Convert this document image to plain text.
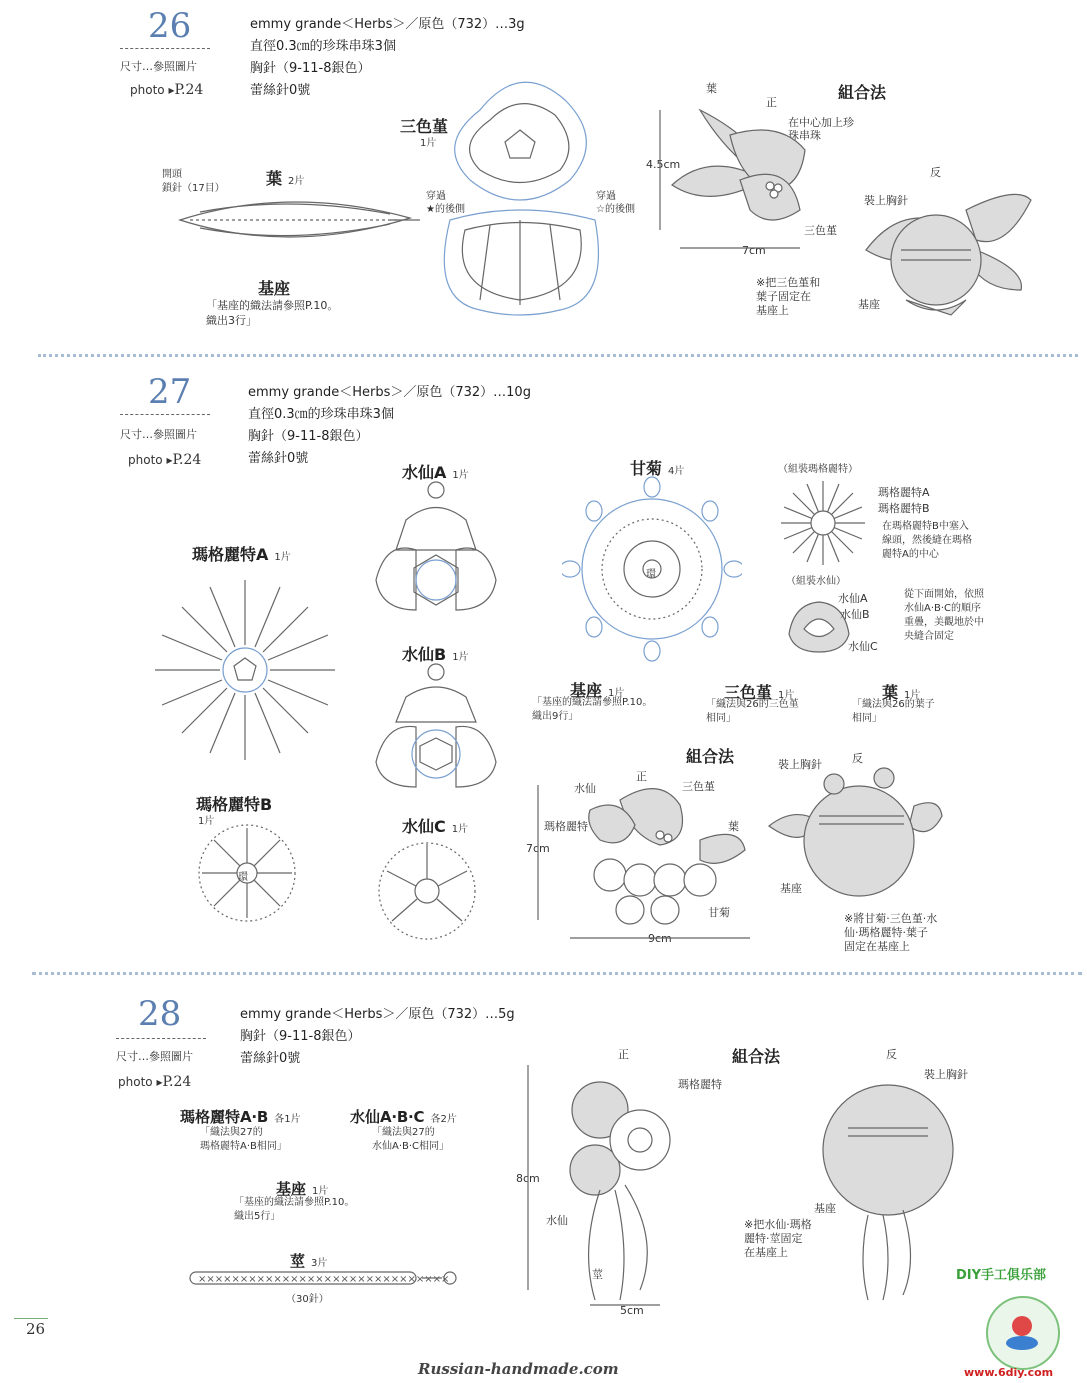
26
尺寸…參照圖片
photo ▸P.24
emmy grande＜Herbs＞／原色（732）…3g
直徑0.3㎝的珍珠串珠3個
胸針（9-11-8銀色）
蕾絲針0號
三色堇
1片
開頭
鎖針（17目）
葉 2片
基座
「基座的織法請參照P.10。
織出3行」
穿過
★的後側
穿過
☆的後側
組合法
葉
正
在中心加上珍
珠串珠
4.5cm
7cm
三色堇
反
裝上胸針
基座
※把三色堇和
葉子固定在
基座上
27
尺寸…參照圖片
photo ▸P.24
emmy grande＜Herbs＞／原色（732）…10g
直徑0.3㎝的珍珠串珠3個
胸針（9-11-8銀色）
蕾絲針0號
瑪格麗特A 1片
瑪格麗特B
1片
環
水仙A 1片
水仙B 1片
水仙C 1片
甘菊 4片
環
（組裝瑪格麗特）
瑪格麗特A
瑪格麗特B
在瑪格麗特B中塞入
線頭，然後縫在瑪格
麗特A的中心
（組裝水仙）
水仙A
水仙B
水仙C
從下面開始，依照
水仙A‧B‧C的順序
重疊，美觀地於中
央縫合固定
基座 1片
「基座的織法請參照P.10。
織出9行」
三色堇 1片
「織法與26的三色堇
相同」
葉 1片
「織法與26的葉子
相同」
組合法
正
水仙	三色堇
瑪格麗特	葉
7cm
甘菊
9cm
反
裝上胸針
基座
※將甘菊‧三色堇‧水
仙‧瑪格麗特‧葉子
固定在基座上
28
尺寸…參照圖片
photo ▸P.24
emmy grande＜Herbs＞／原色（732）…5g
胸針（9-11-8銀色）
蕾絲針0號
瑪格麗特A‧B 各1片
「織法與27的
瑪格麗特A‧B相同」
水仙A‧B‧C 各2片
「織法與27的
水仙A‧B‧C相同」
基座 1片
「基座的織法請參照P.10。
織出5行」
莖 3片
××××××××××××××××××××××××××××××
（30針）
組合法
正	反
瑪格麗特
8cm
水仙
莖
5cm
裝上胸針
基座
※把水仙‧瑪格
麗特‧莖固定
在基座上
26
Russian-handmade.com
DIY手工俱乐部
www.6diy.com
